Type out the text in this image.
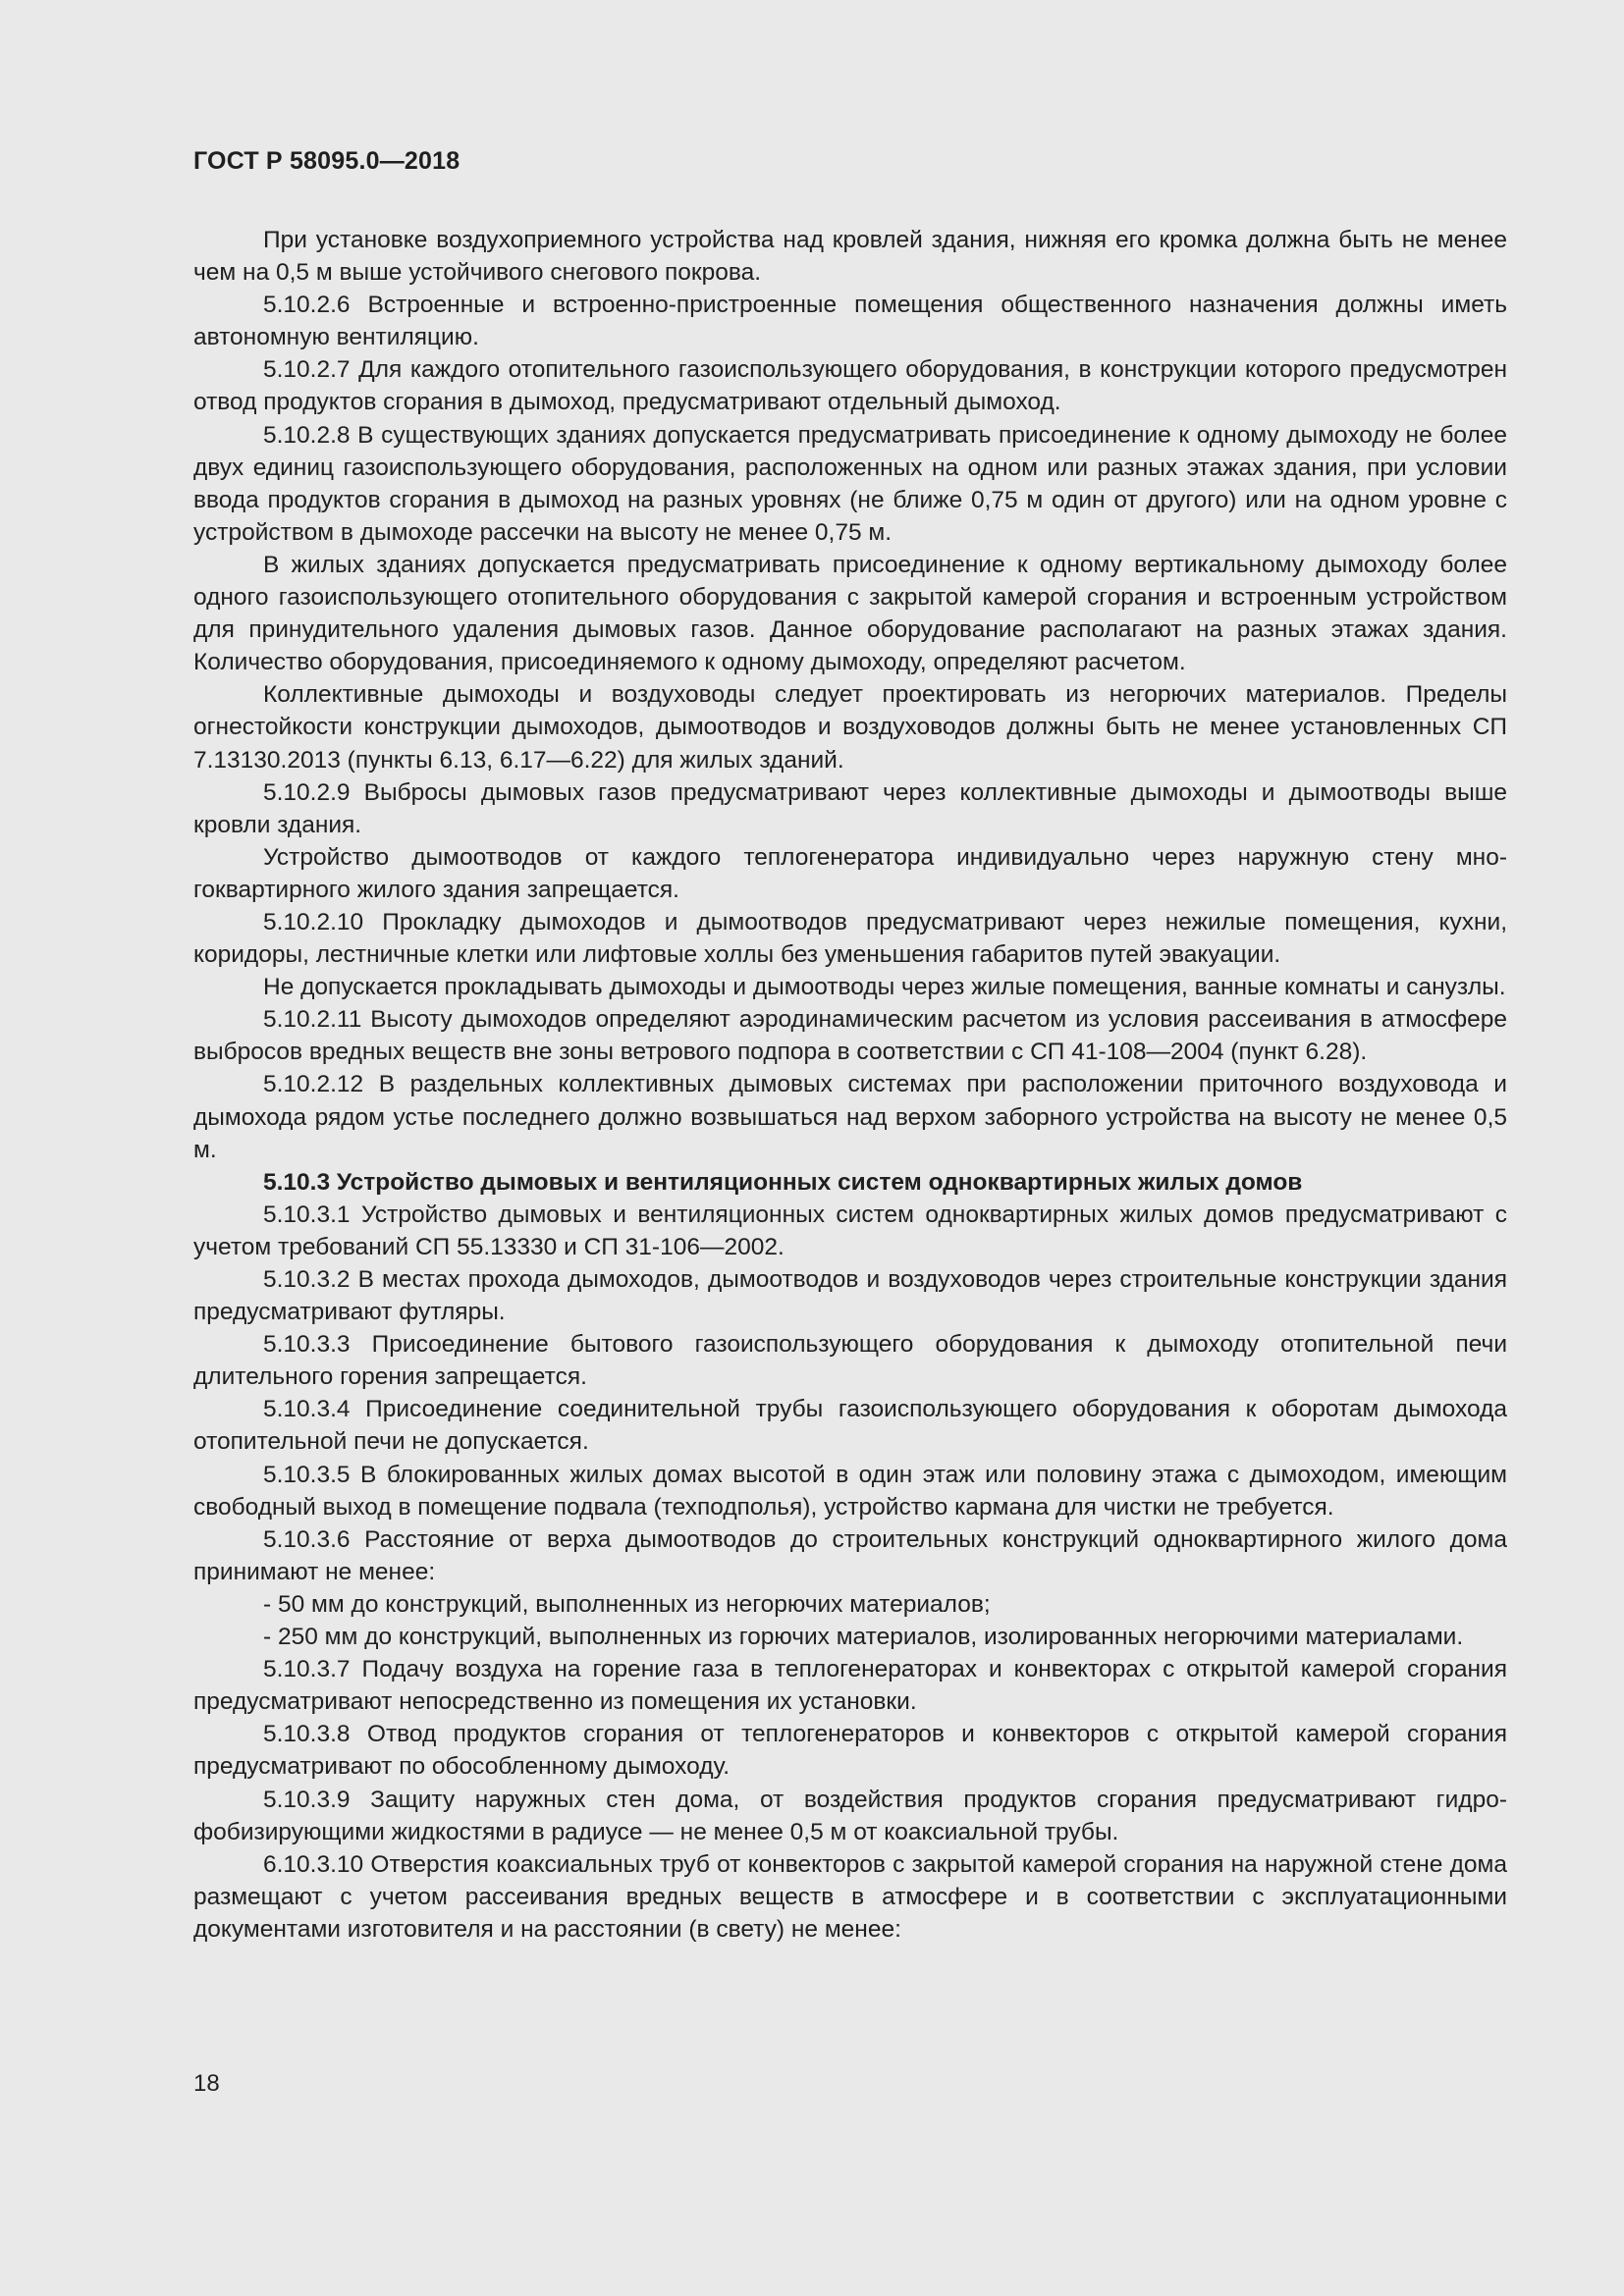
ГОСТ Р 58095.0—2018

При установке воздухоприемного устройства над кровлей здания, нижняя его кромка должна быть не менее чем на 0,5 м выше устойчивого снегового покрова.

5.10.2.6 Встроенные и встроенно-пристроенные помещения общественного назначения должны иметь автономную вентиляцию.

5.10.2.7 Для каждого отопительного газоиспользующего оборудования, в конструкции которого предусмотрен отвод продуктов сгорания в дымоход, предусматривают отдельный дымоход.

5.10.2.8 В существующих зданиях допускается предусматривать присоединение к одному дымоходу не более двух единиц газоиспользующего оборудования, расположенных на одном или разных этажах здания, при условии ввода продуктов сгорания в дымоход на разных уровнях (не ближе 0,75 м один от другого) или на одном уровне с устройством в дымоходе рассечки на высоту не менее 0,75 м.

В жилых зданиях допускается предусматривать присоединение к одному вертикальному дымоходу более одного газоиспользующего отопительного оборудования с закрытой камерой сгорания и встроенным устройством для принудительного удаления дымовых газов. Данное оборудование располагают на разных этажах здания. Количество оборудования, присоединяемого к одному дымоходу, определяют расчетом.

Коллективные дымоходы и воздуховоды следует проектировать из негорючих материалов. Пределы огнестойкости конструкции дымоходов, дымоотводов и воздуховодов должны быть не менее установленных СП 7.13130.2013 (пункты 6.13, 6.17—6.22) для жилых зданий.

5.10.2.9 Выбросы дымовых газов предусматривают через коллективные дымоходы и дымоотводы выше кровли здания.

Устройство дымоотводов от каждого теплогенератора индивидуально через наружную стену многоквартирного жилого здания запрещается.

5.10.2.10 Прокладку дымоходов и дымоотводов предусматривают через нежилые помещения, кухни, коридоры, лестничные клетки или лифтовые холлы без уменьшения габаритов путей эвакуации.

Не допускается прокладывать дымоходы и дымоотводы через жилые помещения, ванные комнаты и санузлы.

5.10.2.11 Высоту дымоходов определяют аэродинамическим расчетом из условия рассеивания в атмосфере выбросов вредных веществ вне зоны ветрового подпора в соответствии с СП 41-108—2004 (пункт 6.28).

5.10.2.12 В раздельных коллективных дымовых системах при расположении приточного воздуховода и дымохода рядом устье последнего должно возвышаться над верхом заборного устройства на высоту не менее 0,5 м.

5.10.3 Устройство дымовых и вентиляционных систем одноквартирных жилых домов

5.10.3.1 Устройство дымовых и вентиляционных систем одноквартирных жилых домов предусматривают с учетом требований СП 55.13330 и СП 31-106—2002.

5.10.3.2 В местах прохода дымоходов, дымоотводов и воздуховодов через строительные конструкции здания предусматривают футляры.

5.10.3.3 Присоединение бытового газоиспользующего оборудования к дымоходу отопительной печи длительного горения запрещается.

5.10.3.4 Присоединение соединительной трубы газоиспользующего оборудования к оборотам дымохода отопительной печи не допускается.

5.10.3.5 В блокированных жилых домах высотой в один этаж или половину этажа с дымоходом, имеющим свободный выход в помещение подвала (техподполья), устройство кармана для чистки не требуется.

5.10.3.6 Расстояние от верха дымоотводов до строительных конструкций одноквартирного жилого дома принимают не менее:

- 50 мм до конструкций, выполненных из негорючих материалов;

- 250 мм до конструкций, выполненных из горючих материалов, изолированных негорючими материалами.

5.10.3.7 Подачу воздуха на горение газа в теплогенераторах и конвекторах с открытой камерой сгорания предусматривают непосредственно из помещения их установки.

5.10.3.8 Отвод продуктов сгорания от теплогенераторов и конвекторов с открытой камерой сгорания предусматривают по обособленному дымоходу.

5.10.3.9 Защиту наружных стен дома, от воздействия продуктов сгорания предусматривают гидрофобизирующими жидкостями в радиусе — не менее 0,5 м от коаксиальной трубы.

6.10.3.10 Отверстия коаксиальных труб от конвекторов с закрытой камерой сгорания на наружной стене дома размещают с учетом рассеивания вредных веществ в атмосфере и в соответствии с эксплуатационными документами изготовителя и на расстоянии (в свету) не менее:

18
